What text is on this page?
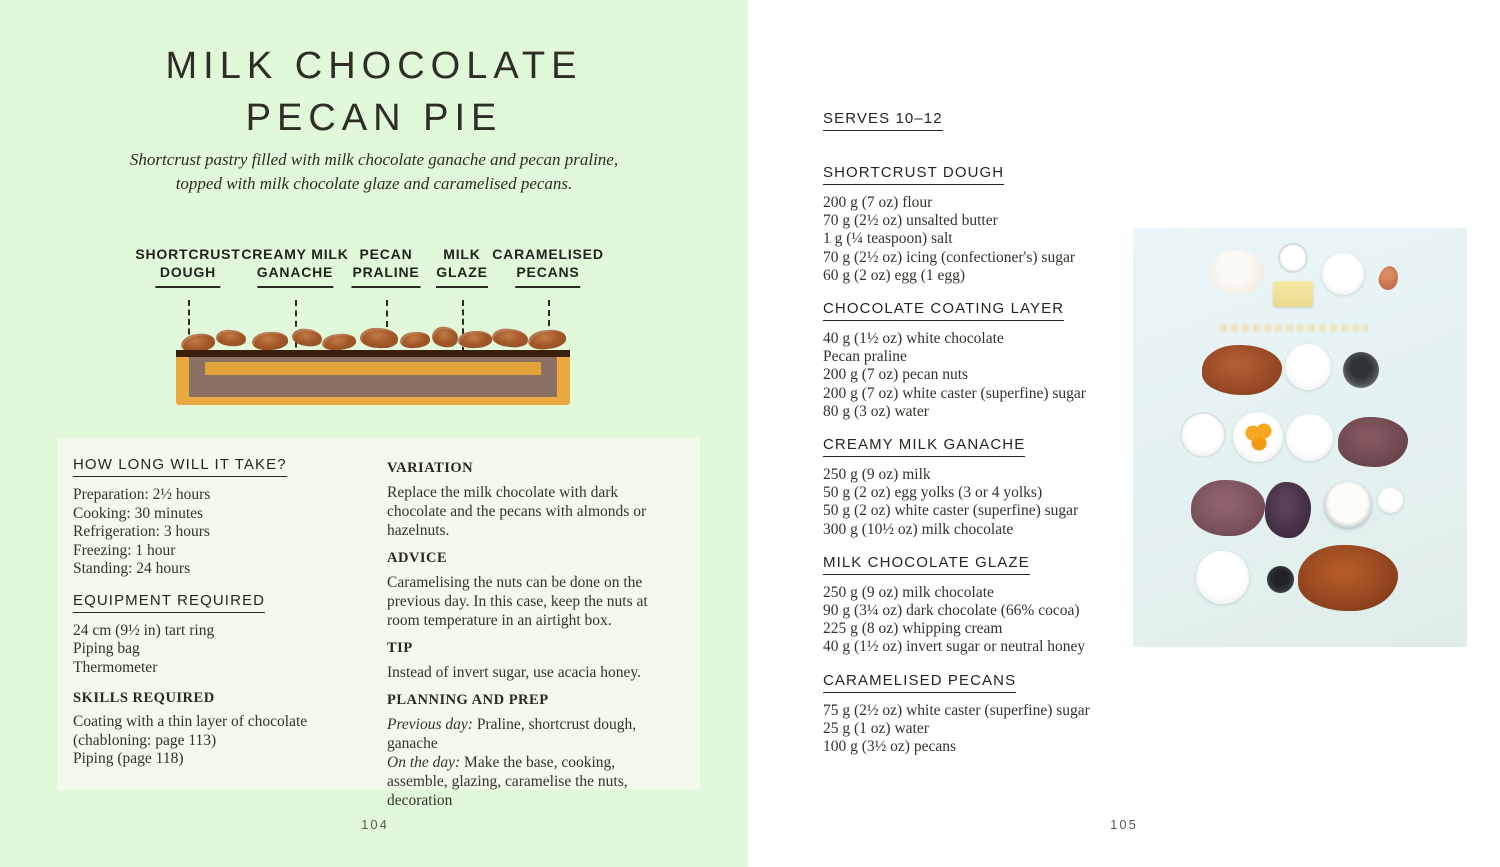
MILK CHOCOLATE
PECAN PIE
Shortcrust pastry filled with milk chocolate ganache and pecan praline,
topped with milk chocolate glaze and caramelised pecans.
SHORTCRUST
DOUGH
CREAMY MILK
GANACHE
PECAN
PRALINE
MILK
GLAZE
CARAMELISED
PECANS
HOW LONG WILL IT TAKE?
Preparation: 2½ hours
Cooking: 30 minutes
Refrigeration: 3 hours
Freezing: 1 hour
Standing: 24 hours
EQUIPMENT REQUIRED
24 cm (9½ in) tart ring
Piping bag
Thermometer
SKILLS REQUIRED
Coating with a thin layer of chocolate (chabloning: page 113)
Piping (page 118)
VARIATION
Replace the milk chocolate with dark chocolate and the pecans with almonds or hazelnuts.
ADVICE
Caramelising the nuts can be done on the previous day. In this case, keep the nuts at room temperature in an airtight box.
TIP
Instead of invert sugar, use acacia honey.
PLANNING AND PREP
Previous day: Praline, shortcrust dough, ganache
On the day: Make the base, cooking, assemble, glazing, caramelise the nuts, decoration
104
SERVES 10–12
SHORTCRUST DOUGH
200 g (7 oz) flour
70 g (2½ oz) unsalted butter
1 g (¼ teaspoon) salt
70 g (2½ oz) icing (confectioner's) sugar
60 g (2 oz) egg (1 egg)
CHOCOLATE COATING LAYER
40 g (1½ oz) white chocolate
Pecan praline
200 g (7 oz) pecan nuts
200 g (7 oz) white caster (superfine) sugar
80 g (3 oz) water
CREAMY MILK GANACHE
250 g (9 oz) milk
50 g (2 oz) egg yolks (3 or 4 yolks)
50 g (2 oz) white caster (superfine) sugar
300 g (10½ oz) milk chocolate
MILK CHOCOLATE GLAZE
250 g (9 oz) milk chocolate
90 g (3¼ oz) dark chocolate (66% cocoa)
225 g (8 oz) whipping cream
40 g (1½ oz) invert sugar or neutral honey
CARAMELISED PECANS
75 g (2½ oz) white caster (superfine) sugar
25 g (1 oz) water
100 g (3½ oz) pecans
105
